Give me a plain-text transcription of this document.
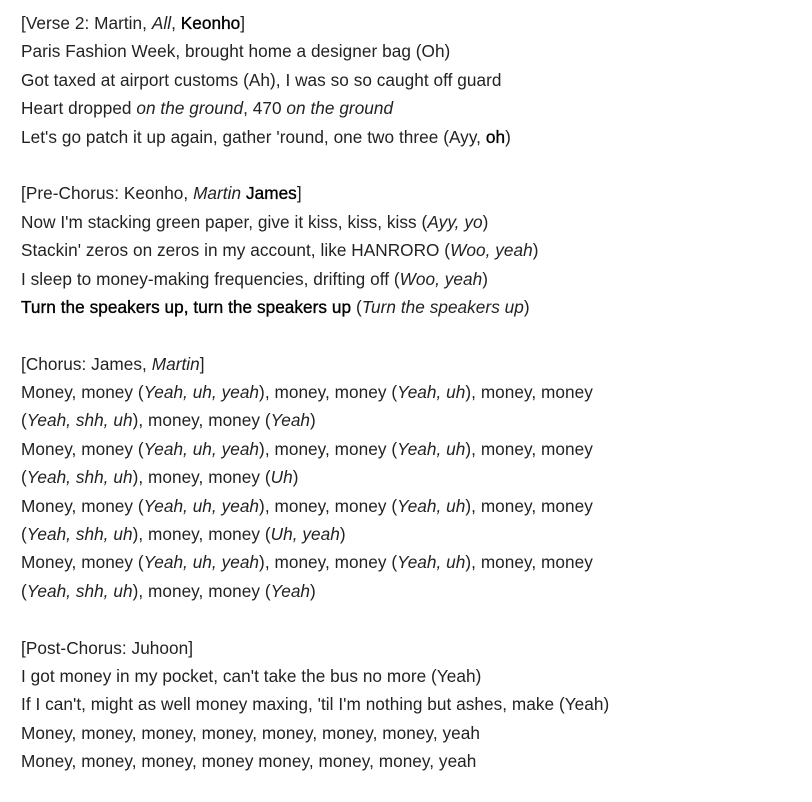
[Verse 2: Martin, All, Keonho]
Paris Fashion Week, brought home a designer bag (Oh)
Got taxed at airport customs (Ah), I was so so caught off guard
Heart dropped on the ground, 470 on the ground
Let's go patch it up again, gather 'round, one two three (Ayy, oh)
[Pre-Chorus: Keonho, Martin James]
Now I'm stacking green paper, give it kiss, kiss, kiss (Ayy, yo)
Stackin' zeros on zeros in my account, like HANRORO (Woo, yeah)
I sleep to money-making frequencies, drifting off (Woo, yeah)
Turn the speakers up, turn the speakers up (Turn the speakers up)
[Chorus: James, Martin]
Money, money (Yeah, uh, yeah), money, money (Yeah, uh), money, money
(Yeah, shh, uh), money, money (Yeah)
Money, money (Yeah, uh, yeah), money, money (Yeah, uh), money, money
(Yeah, shh, uh), money, money (Uh)
Money, money (Yeah, uh, yeah), money, money (Yeah, uh), money, money
(Yeah, shh, uh), money, money (Uh, yeah)
Money, money (Yeah, uh, yeah), money, money (Yeah, uh), money, money
(Yeah, shh, uh), money, money (Yeah)
[Post-Chorus: Juhoon]
I got money in my pocket, can't take the bus no more (Yeah)
If I can't, might as well money maxing, 'til I'm nothing but ashes, make (Yeah)
Money, money, money, money, money, money, money, yeah
Money, money, money, money money, money, money, yeah
